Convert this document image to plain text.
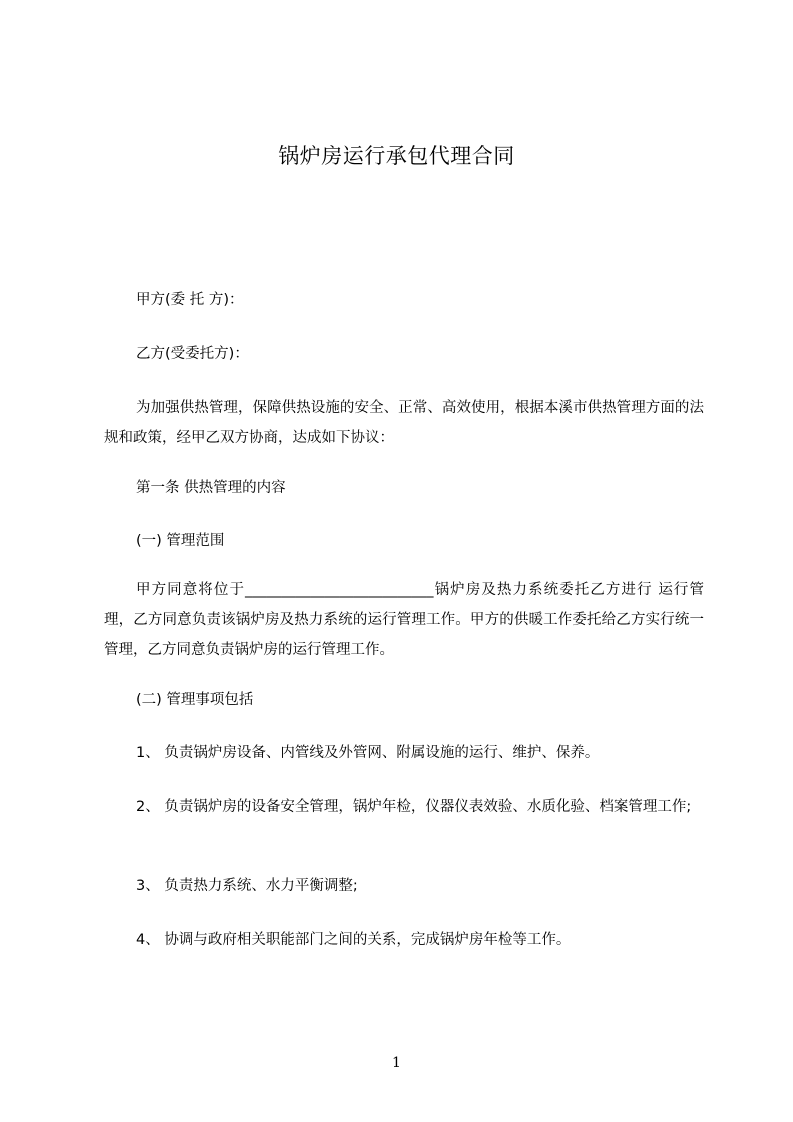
锅炉房运行承包代理合同
甲方(委 托 方)：
乙方(受委托方)：
为加强供热管理，保障供热设施的安全、正常、高效使用，根据本溪市供热管理方面的法规和政策，经甲乙双方协商，达成如下协议：
第一条 供热管理的内容
(一) 管理范围
甲方同意将位于__________________________锅炉房及热力系统委托乙方进行 运行管理，乙方同意负责该锅炉房及热力系统的运行管理工作。甲方的供暖工作委托给乙方实行统一管理，乙方同意负责锅炉房的运行管理工作。
(二) 管理事项包括
1、 负责锅炉房设备、内管线及外管网、附属设施的运行、维护、保养。
2、 负责锅炉房的设备安全管理，锅炉年检，仪器仪表效验、水质化验、档案管理工作;
3、 负责热力系统、水力平衡调整;
4、 协调与政府相关职能部门之间的关系，完成锅炉房年检等工作。
1
